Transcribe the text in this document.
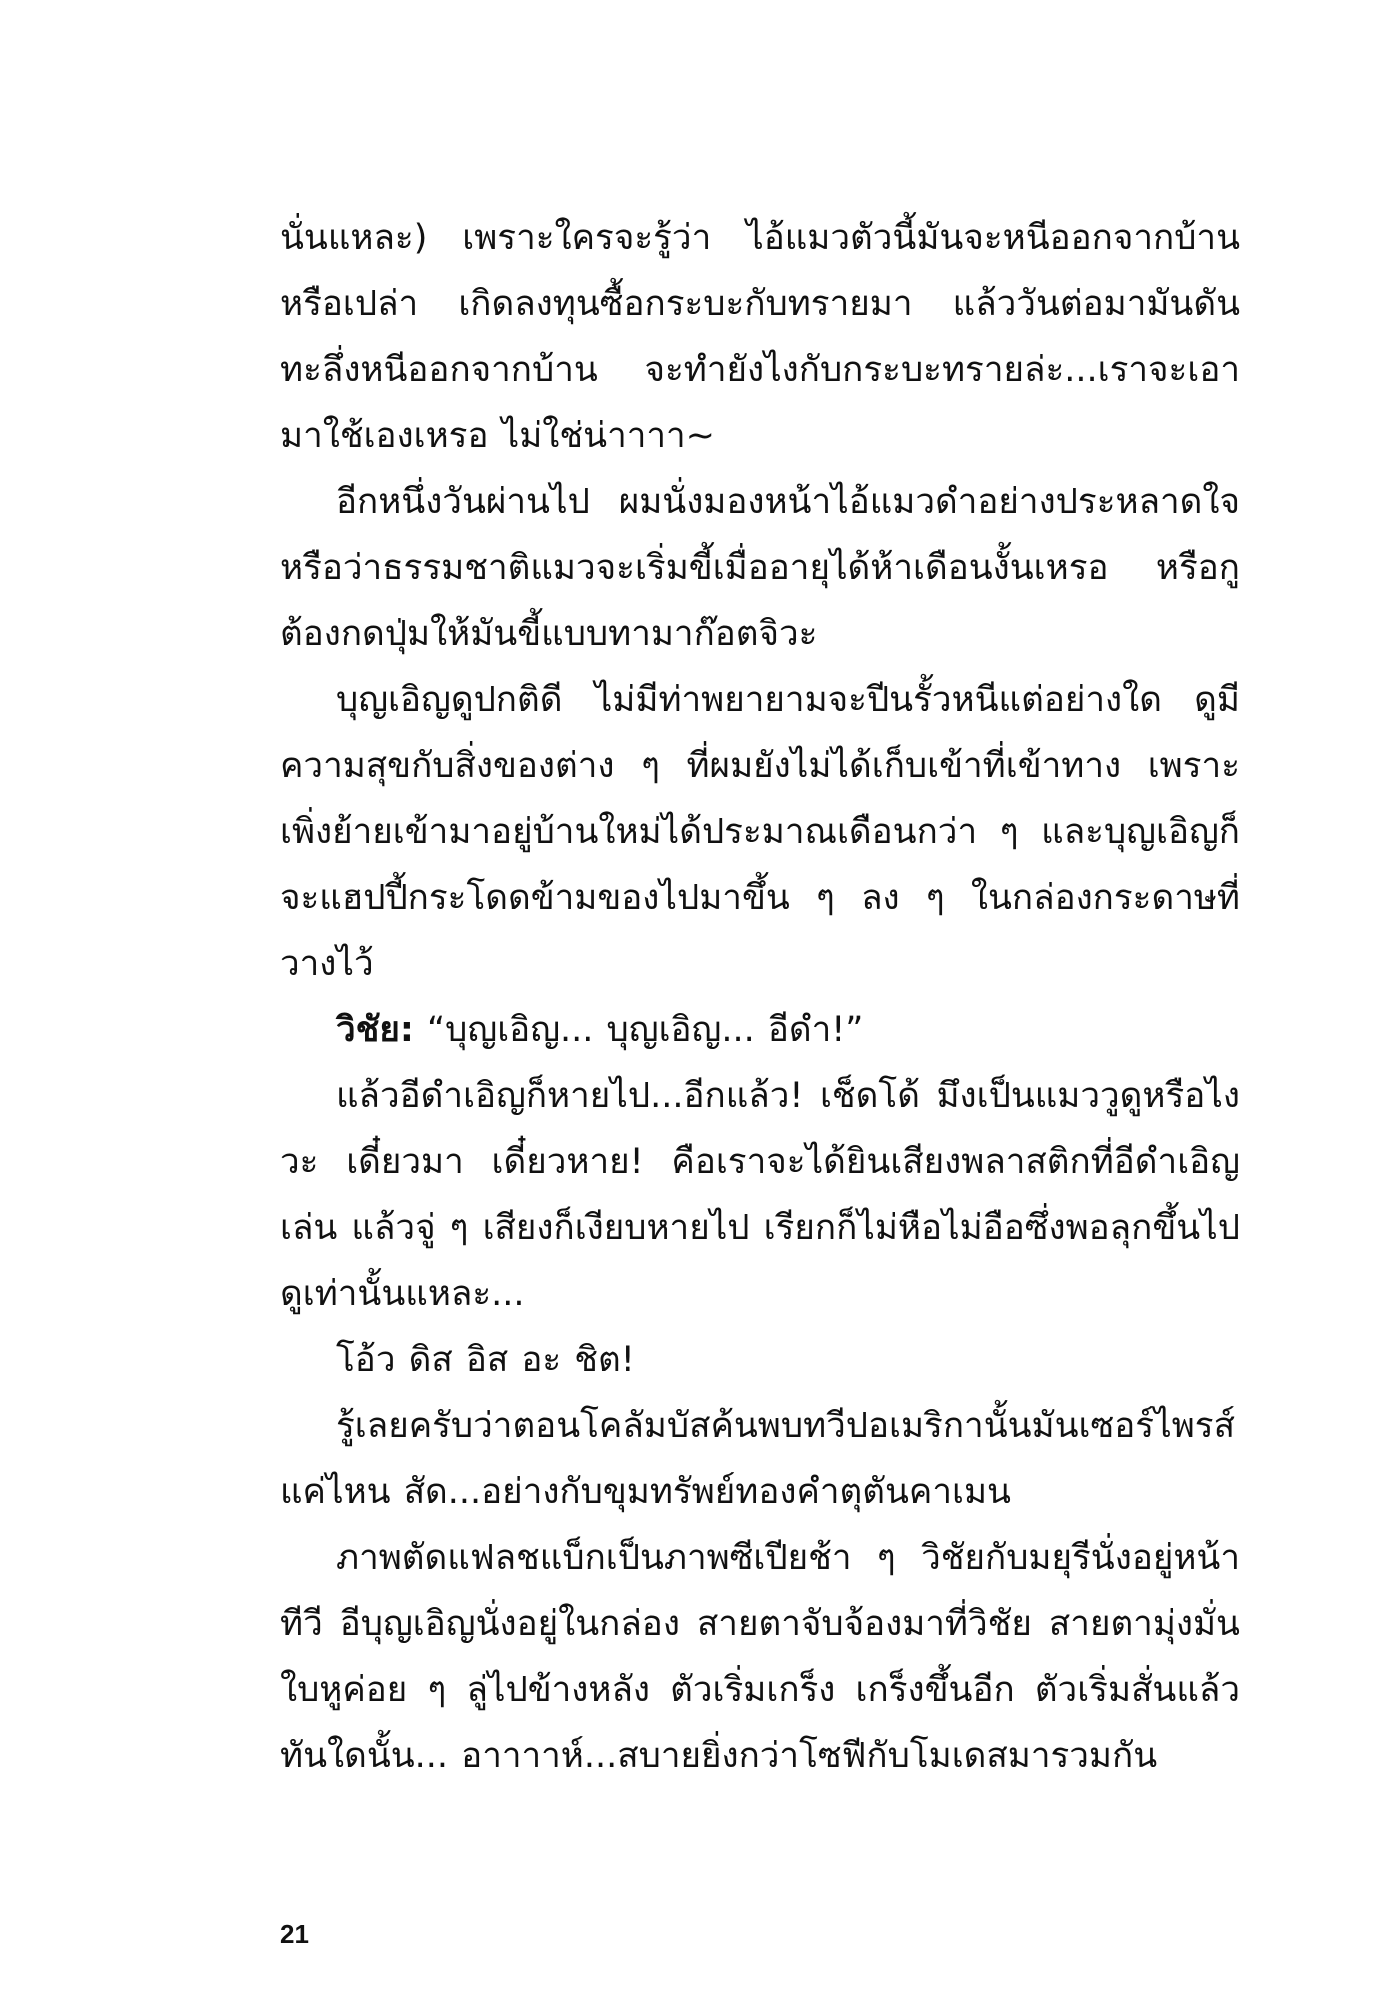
นั่นแหละ) เพราะใครจะรู้ว่า ไอ้แมวตัวนี้มันจะหนีออกจากบ้านหรือเปล่า เกิดลงทุนซื้อกระบะกับทรายมา แล้ววันต่อมามันดันทะลึ่งหนีออกจากบ้าน จะทำยังไงกับกระบะทรายล่ะ...เราจะเอามาใช้เองเหรอ ไม่ใช่น่าาาา~

อีกหนึ่งวันผ่านไป ผมนั่งมองหน้าไอ้แมวดำอย่างประหลาดใจหรือว่าธรรมชาติแมวจะเริ่มขี้เมื่ออายุได้ห้าเดือนงั้นเหรอ หรือกูต้องกดปุ่มให้มันขี้แบบทามาก๊อตจิวะ

บุญเอิญดูปกติดี ไม่มีท่าพยายามจะปีนรั้วหนีแต่อย่างใด ดูมีความสุขกับสิ่งของต่าง ๆ ที่ผมยังไม่ได้เก็บเข้าที่เข้าทาง เพราะเพิ่งย้ายเข้ามาอยู่บ้านใหม่ได้ประมาณเดือนกว่า ๆ และบุญเอิญก็จะแฮปปี้กระโดดข้ามของไปมาขึ้น ๆ ลง ๆ ในกล่องกระดาษที่วางไว้

วิชัย: “บุญเอิญ... บุญเอิญ... อีดำ!”

แล้วอีดำเอิญก็หายไป...อีกแล้ว! เช็ดโด้ มึงเป็นแมววูดูหรือไงวะ เดี๋ยวมา เดี๋ยวหาย! คือเราจะได้ยินเสียงพลาสติกที่อีดำเอิญเล่น แล้วจู่ ๆ เสียงก็เงียบหายไป เรียกก็ไม่หือไม่อือซึ่งพอลุกขึ้นไปดูเท่านั้นแหละ...

โอ้ว ดิส อิส อะ ชิต!

รู้เลยครับว่าตอนโคลัมบัสค้นพบทวีปอเมริกานั้นมันเซอร์ไพรส์แค่ไหน สัด...อย่างกับขุมทรัพย์ทองคำตุตันคาเมน

ภาพตัดแฟลชแบ็กเป็นภาพซีเปียช้า ๆ วิชัยกับมยุรีนั่งอยู่หน้าทีวี อีบุญเอิญนั่งอยู่ในกล่อง สายตาจับจ้องมาที่วิชัย สายตามุ่งมั่นใบหูค่อย ๆ ลู่ไปข้างหลัง ตัวเริ่มเกร็ง เกร็งขึ้นอีก ตัวเริ่มสั่นแล้วทันใดนั้น... อาาาาห์...สบายยิ่งกว่าโซฟีกับโมเดสมารวมกัน

21
